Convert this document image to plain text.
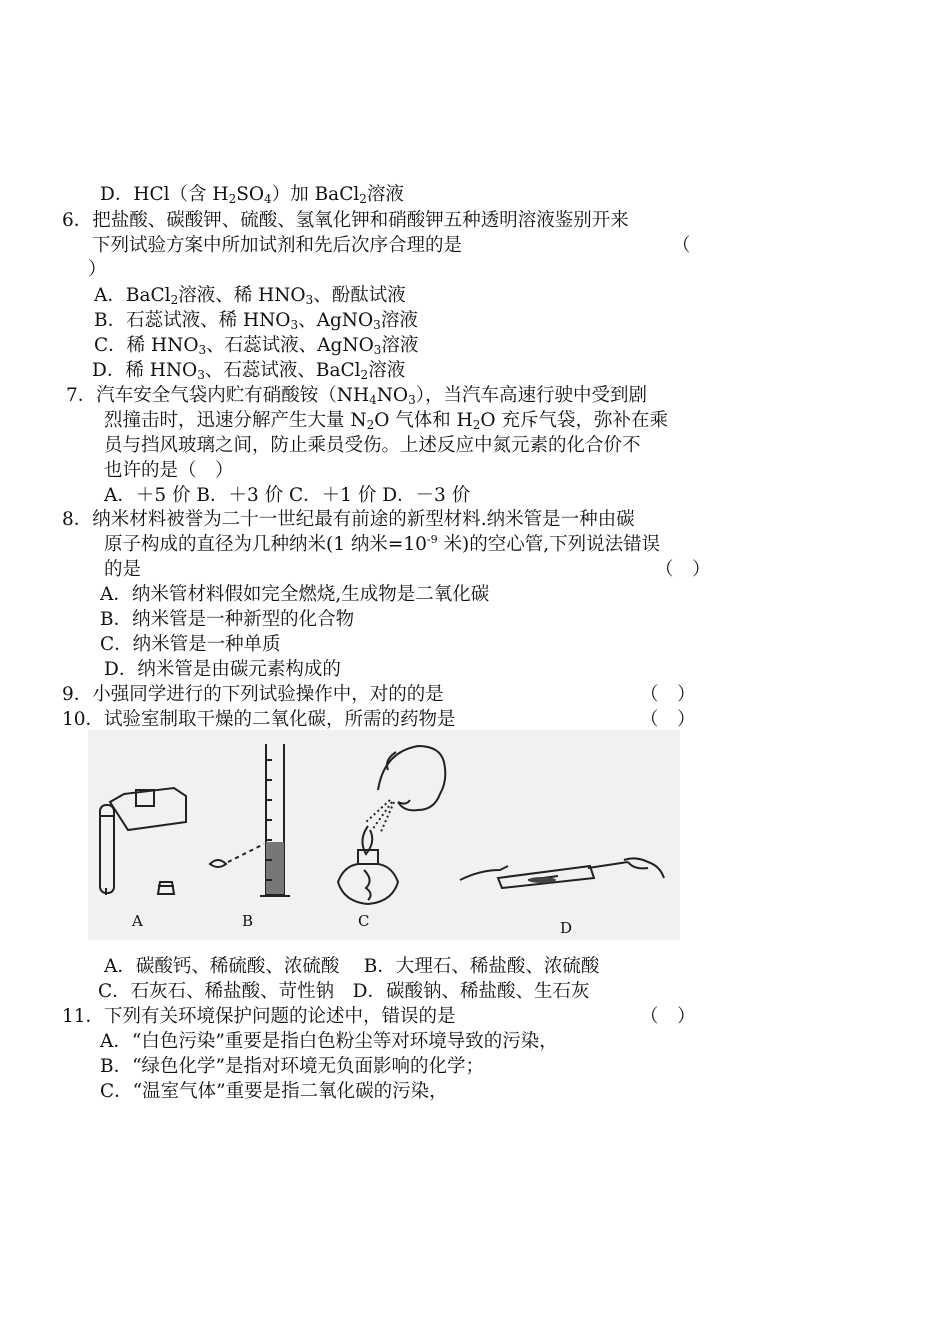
D．HCl（含 $H_2SO_4$）加 BaCl$_2$溶液
6．把盐酸、碳酸钾、硫酸、氢氧化钾和硝酸钾五种透明溶液鉴别开来
下列试验方案中所加试剂和先后次序合理的是	（
）
A．BaCl$_2$溶液、稀 $HNO_3$、酚酞试液
B．石蕊试液、稀 $HNO_3$、AgNO$_3$溶液
C．稀 $HNO_3$、石蕊试液、AgNO$_3$溶液
D．稀 $HNO_3$、石蕊试液、BaCl$_2$溶液
7．汽车安全气袋内贮有硝酸铵$(NH_4NO_3)$，当汽车高速行驶中受到剧
烈撞击时，迅速分解产生大量 $N_2O$ 气体和 $H_2O$ 充斥气袋，弥补在乘
员与挡风玻璃之间，防止乘员受伤。上述反应中氮元素的化合价不
也许的是（　）
A．＋5 价 B．＋3 价 C．＋1 价 D．－3 价
8．纳米材料被誉为二十一世纪最有前途的新型材料.纳米管是一种由碳
原子构成的直径为几种纳米(1 纳米$=10^{-9}$ 米)的空心管,下列说法错误
的是	（　）
A．纳米管材料假如完全燃烧,生成物是二氧化碳
B．纳米管是一种新型的化合物
C．纳米管是一种单质
D．纳米管是由碳元素构成的
9．小强同学进行的下列试验操作中，对的的是	（　）
10．试验室制取干燥的二氧化碳，所需的药物是	（　）
A	B	C	D
A．碳酸钙、稀硫酸、浓硫酸　 B．大理石、稀盐酸、浓硫酸
C．石灰石、稀盐酸、苛性钠　D．碳酸钠、稀盐酸、生石灰
11．下列有关环境保护问题的论述中，错误的是	（　）
A．“白色污染”重要是指白色粉尘等对环境导致的污染，
B．“绿色化学”是指对环境无负面影响的化学；
C．“温室气体”重要是指二氧化碳的污染，
